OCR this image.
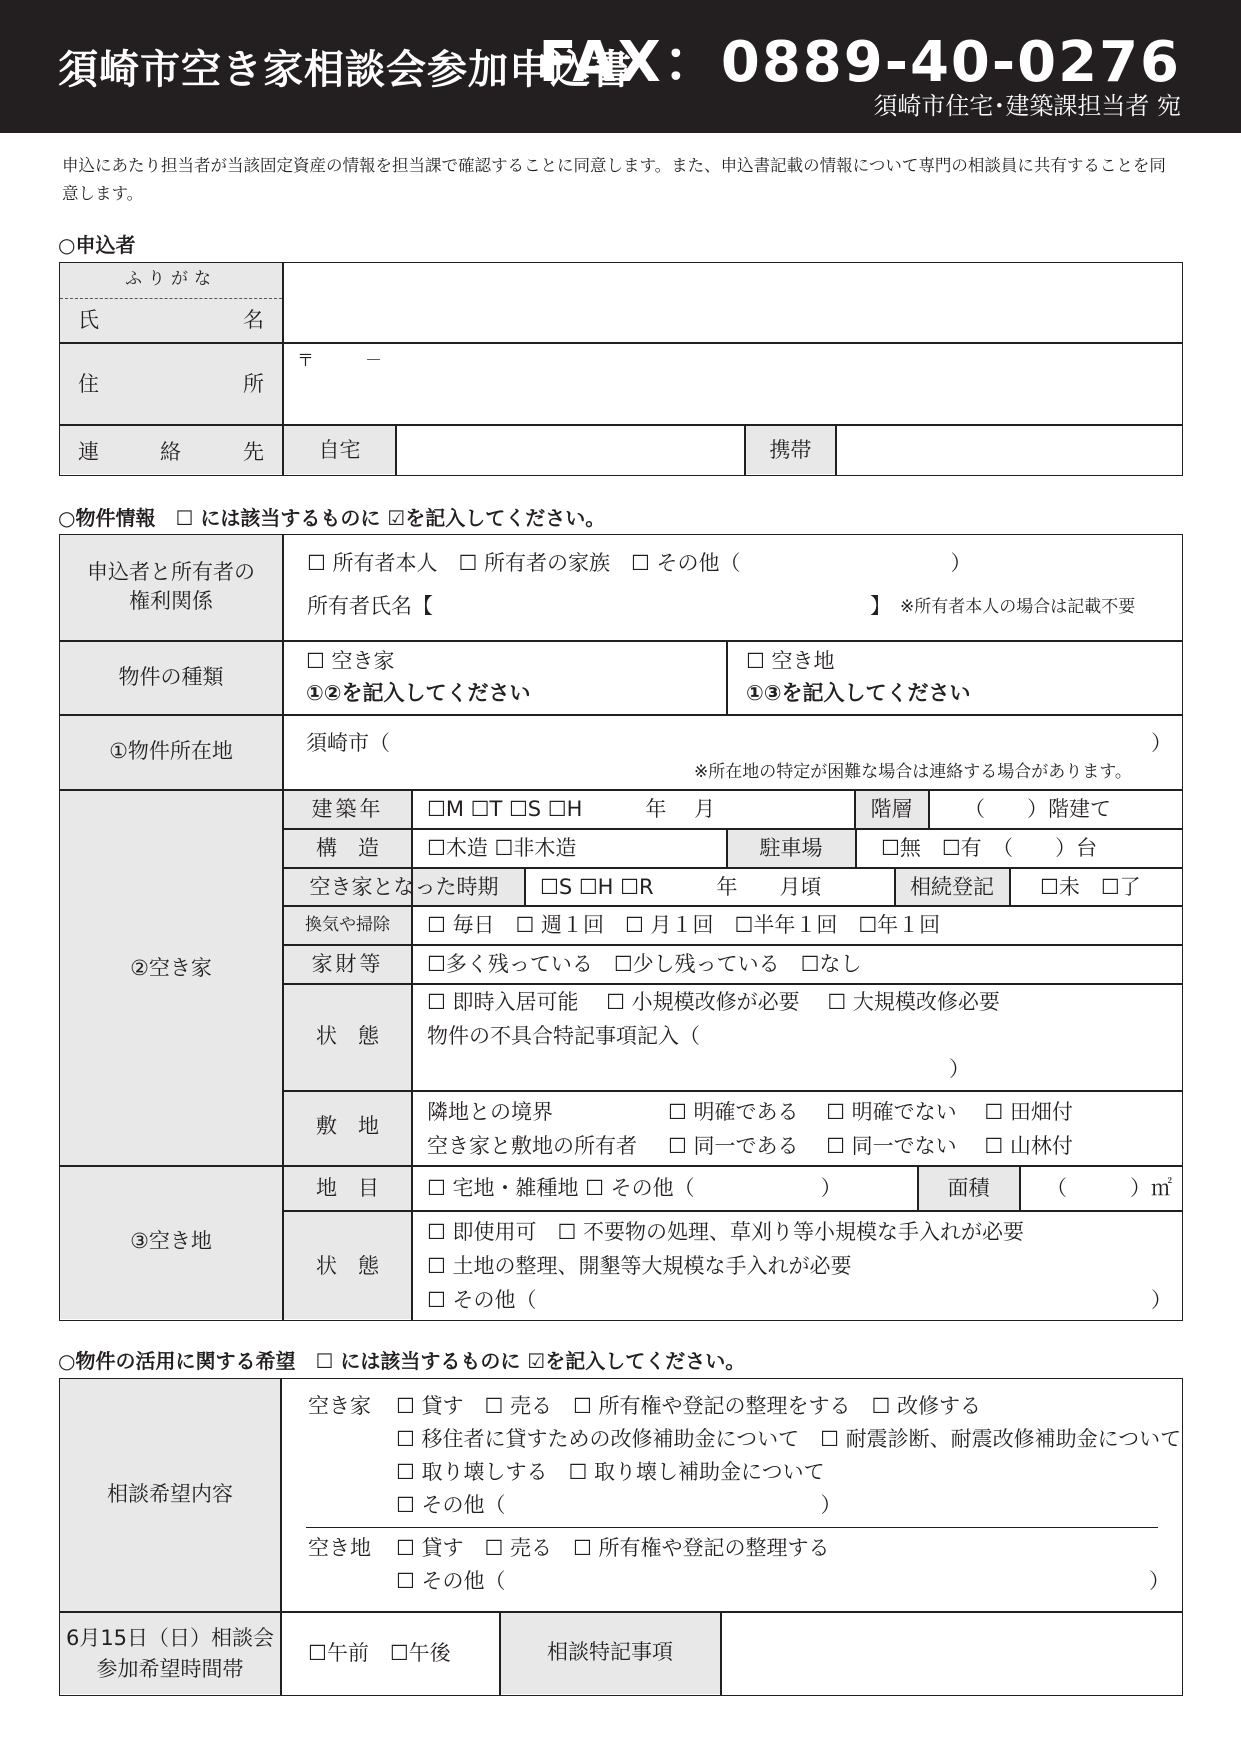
須崎市空き家相談会参加申込書
FAX：0889-40-0276
須崎市住宅･建築課担当者 宛
申込にあたり担当者が当該固定資産の情報を担当課で確認することに同意します。また、申込書記載の情報について専門の相談員に共有することを同意します。
○申込者
ふりがな
氏	名
住	所
〒　　　－
連	絡	先	自宅	携帯
○物件情報　☐ には該当するものに ☑を記入してください。
申込者と所有者の
権利関係
☐ 所有者本人　☐ 所有者の家族　☐ その他（　　　　　　　　　　）
所有者氏名【	】 ※所有者本人の場合は記載不要
物件の種類
☐ 空き家
①②を記入してください
☐ 空き地
①③を記入してください
①物件所在地	須崎市（	）
※所在地の特定が困難な場合は連絡する場合があります。
②空き家
建築年	☐M ☐T ☐S ☐H　　　年　 月	階層	（　　）階建て
構　造	☐木造 ☐非木造	駐車場	☐無　☐有　（　　）台
空き家となった時期	☐S ☐H ☐R　　　年　　月頃	相続登記	☐未　☐了
換気や掃除	☐ 毎日　☐ 週１回　☐ 月１回　☐半年１回　☐年１回
家財等	☐多く残っている　☐少し残っている　☐なし
状　態
☐ 即時入居可能　 ☐ 小規模改修が必要　 ☐ 大規模改修必要
物件の不具合特記事項記入（
）
敷　地
隣地との境界	☐ 明確である　 ☐ 明確でない　 ☐ 田畑付
空き家と敷地の所有者 ☐ 同一である　 ☐ 同一でない　 ☐ 山林付
③空き地
地　目	☐ 宅地・雑種地 ☐ その他（　　　　　　）	面積	（　　　）㎡
状　態
☐ 即使用可　☐ 不要物の処理、草刈り等小規模な手入れが必要
☐ 土地の整理、開墾等大規模な手入れが必要
☐ その他（	）
○物件の活用に関する希望　☐ には該当するものに ☑を記入してください。
相談希望内容
空き家 ☐ 貸す　☐ 売る　☐ 所有権や登記の整理をする　☐ 改修する
☐ 移住者に貸すための改修補助金について　☐ 耐震診断、耐震改修補助金について
☐ 取り壊しする　☐ 取り壊し補助金について
☐ その他（　　　　　　　　　　　　　　　）
空き地 ☐ 貸す　☐ 売る　☐ 所有権や登記の整理する
☐ その他（	）
6月15日（日）相談会
参加希望時間帯
☐午前　☐午後	相談特記事項
